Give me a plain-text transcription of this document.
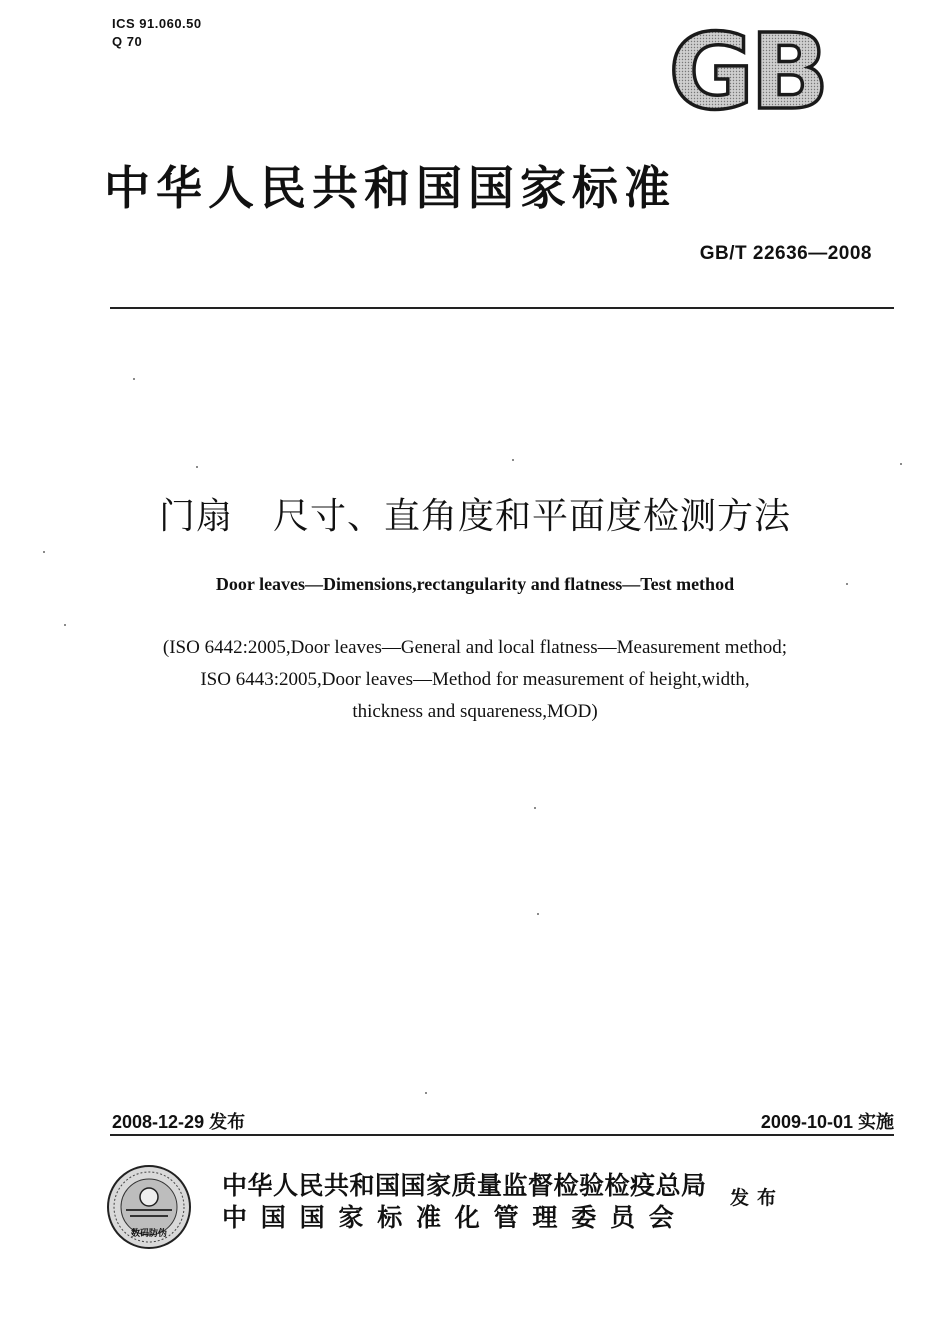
ICS 91.060.50
Q 70	GB
中华人民共和国国家标准
GB/T 22636—2008
门扇 尺寸、直角度和平面度检测方法
Door leaves—Dimensions,rectangularity and flatness—Test method
(ISO 6442:2005,Door leaves—General and local flatness—Measurement method;
ISO 6443:2005,Door leaves—Method for measurement of height,width,
thickness and squareness,MOD)
2008-12-29 发布	2009-10-01 实施
数码防伪
中华人民共和国国家质量监督检验检疫总局
中国国家标准化管理委员会
发布
